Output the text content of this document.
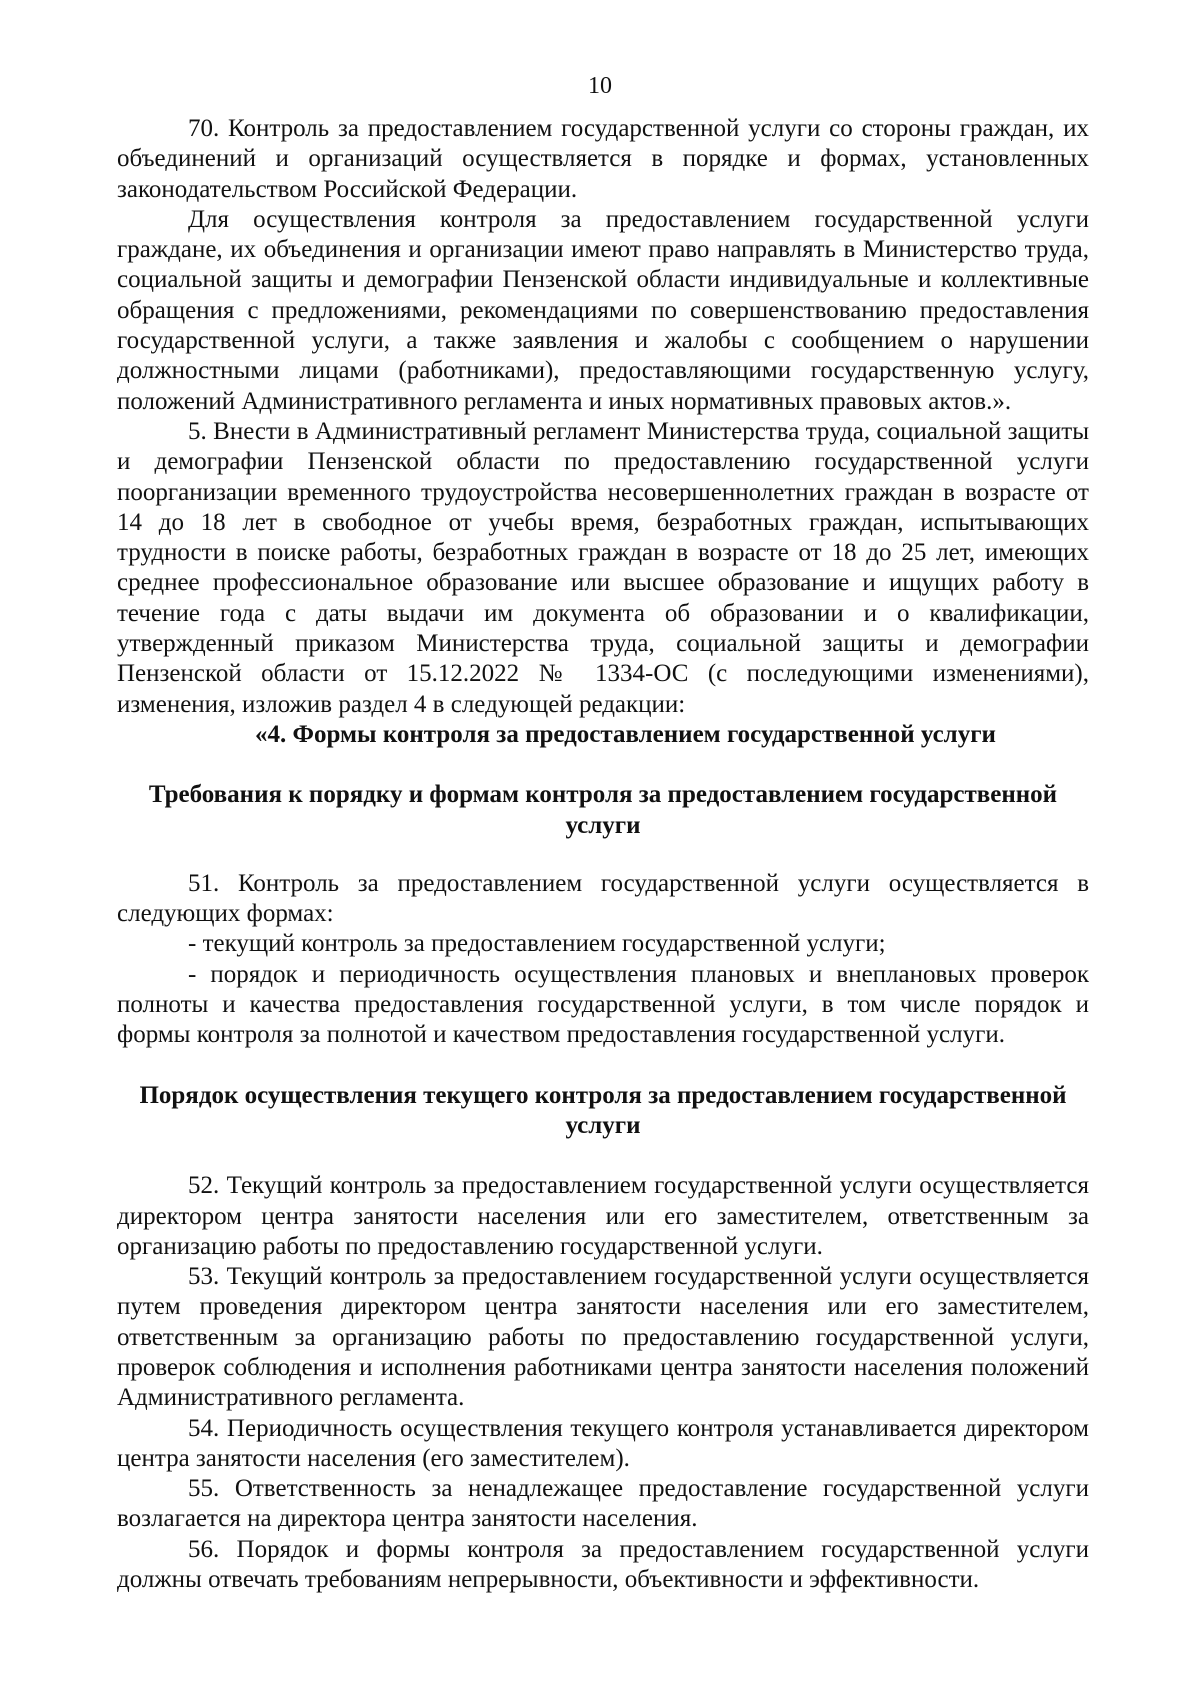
10

70. Контроль за предоставлением государственной услуги со стороны граждан, их объединений и организаций осуществляется в порядке и формах, установленных законодательством Российской Федерации.

Для осуществления контроля за предоставлением государственной услуги граждане, их объединения и организации имеют право направлять в Министерство труда, социальной защиты и демографии Пензенской области индивидуальные и коллективные обращения с предложениями, рекомендациями по совершенствованию предоставления государственной услуги, а также заявления и жалобы с сообщением о нарушении должностными лицами (работниками), предоставляющими государственную услугу, положений Административного регламента и иных нормативных правовых актов.».

5. Внести в Административный регламент Министерства труда, социальной защиты и демографии Пензенской области по предоставлению государственной услуги поорганизации временного трудоустройства несовершеннолетних граждан в возрасте от 14 до 18 лет в свободное от учебы время, безработных граждан, испытывающих трудности в поиске работы, безработных граждан в возрасте от 18 до 25 лет, имеющих среднее профессиональное образование или высшее образование и ищущих работу в течение года с даты выдачи им документа об образовании и о квалификации, утвержденный приказом Министерства труда, социальной защиты и демографии Пензенской области от 15.12.2022 № 1334-ОС (с последующими изменениями), изменения, изложив раздел 4 в следующей редакции:

«4. Формы контроля за предоставлением государственной услуги

Требования к порядку и формам контроля за предоставлением государственной услуги

51. Контроль за предоставлением государственной услуги осуществляется в следующих формах:

- текущий контроль за предоставлением государственной услуги;

- порядок и периодичность осуществления плановых и внеплановых проверок полноты и качества предоставления государственной услуги, в том числе порядок и формы контроля за полнотой и качеством предоставления государственной услуги.

Порядок осуществления текущего контроля за предоставлением государственной услуги

52. Текущий контроль за предоставлением государственной услуги осуществляется директором центра занятости населения или его заместителем, ответственным за организацию работы по предоставлению государственной услуги.

53. Текущий контроль за предоставлением государственной услуги осуществляется путем проведения директором центра занятости населения или его заместителем, ответственным за организацию работы по предоставлению государственной услуги, проверок соблюдения и исполнения работниками центра занятости населения положений Административного регламента.

54. Периодичность осуществления текущего контроля устанавливается директором центра занятости населения (его заместителем).

55. Ответственность за ненадлежащее предоставление государственной услуги возлагается на директора центра занятости населения.

56. Порядок и формы контроля за предоставлением государственной услуги должны отвечать требованиям непрерывности, объективности и эффективности.
